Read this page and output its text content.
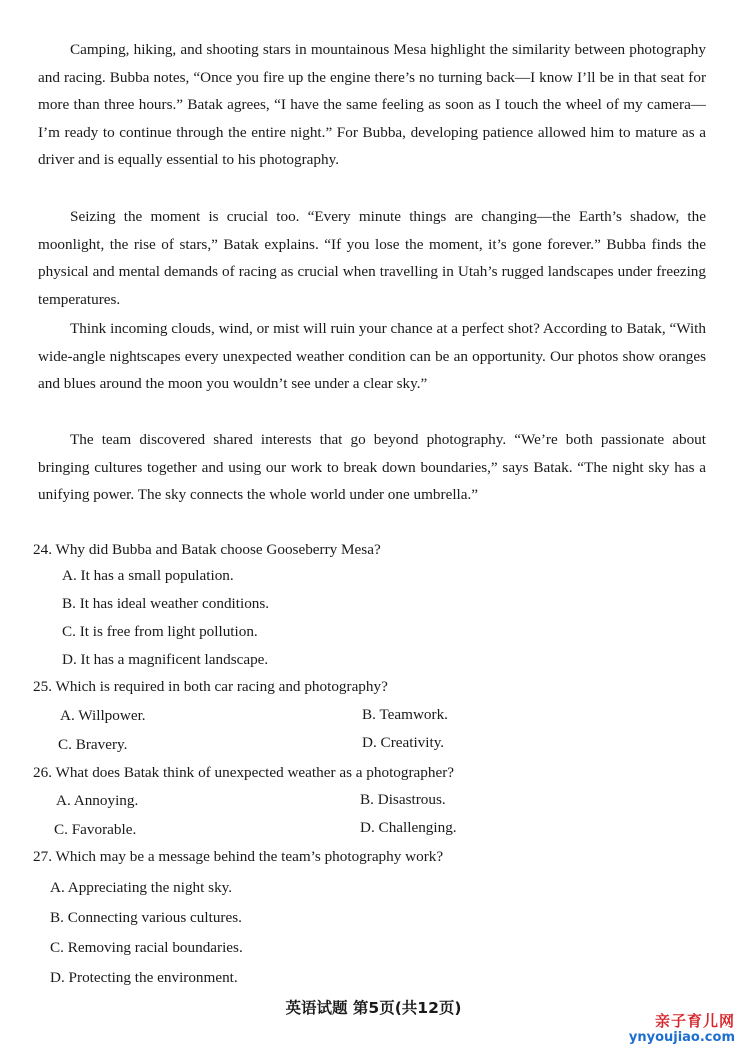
Camping, hiking, and shooting stars in mountainous Mesa highlight the similarity between photography and racing. Bubba notes, “Once you fire up the engine there’s no turning back—I know I’ll be in that seat for more than three hours.” Batak agrees, “I have the same feeling as soon as I touch the wheel of my camera—I’m ready to continue through the entire night.” For Bubba, developing patience allowed him to mature as a driver and is equally essential to his photography.

Seizing the moment is crucial too. “Every minute things are changing—the Earth’s shadow, the moonlight, the rise of stars,” Batak explains. “If you lose the moment, it’s gone forever.” Bubba finds the physical and mental demands of racing as crucial when travelling in Utah’s rugged landscapes under freezing temperatures.

Think incoming clouds, wind, or mist will ruin your chance at a perfect shot? According to Batak, “With wide-angle nightscapes every unexpected weather condition can be an opportunity. Our photos show oranges and blues around the moon you wouldn’t see under a clear sky.”

The team discovered shared interests that go beyond photography. “We’re both passionate about bringing cultures together and using our work to break down boundaries,” says Batak. “The night sky has a unifying power. The sky connects the whole world under one umbrella.”

24. Why did Bubba and Batak choose Gooseberry Mesa?
A. It has a small population.
B. It has ideal weather conditions.
C. It is free from light pollution.
D. It has a magnificent landscape.
25. Which is required in both car racing and photography?
A. Willpower.	B. Teamwork.
C. Bravery.	D. Creativity.
26. What does Batak think of unexpected weather as a photographer?
A. Annoying.	B. Disastrous.
C. Favorable.	D. Challenging.
27. Which may be a message behind the team’s photography work?
A. Appreciating the night sky.
B. Connecting various cultures.
C. Removing racial boundaries.
D. Protecting the environment.
英语试题 第5页(共12页)
亲子育儿网
ynyoujiao.com
